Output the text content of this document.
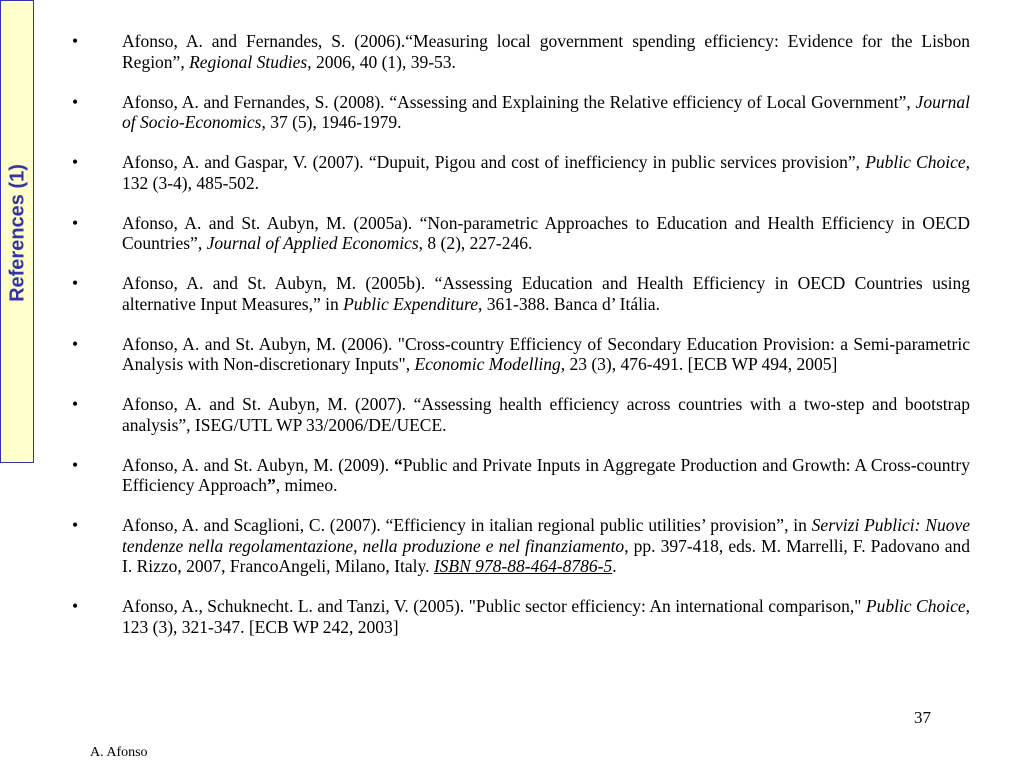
References (1)
•	Afonso, A. and Fernandes, S. (2006).“Measuring local government spending efficiency: Evidence for the Lisbon Region”, Regional Studies, 2006, 40 (1), 39-53.
•	Afonso, A. and Fernandes, S. (2008). “Assessing and Explaining the Relative efficiency of Local Government”, Journal of Socio-Economics, 37 (5), 1946-1979.
•	Afonso, A. and Gaspar, V. (2007). “Dupuit, Pigou and cost of inefficiency in public services provision”, Public Choice, 132 (3-4), 485-502.
•	Afonso, A. and St. Aubyn, M. (2005a). “Non-parametric Approaches to Education and Health Efficiency in OECD Countries”, Journal of Applied Economics, 8 (2), 227-246.
•	Afonso, A. and St. Aubyn, M. (2005b). “Assessing Education and Health Efficiency in OECD Countries using alternative Input Measures,” in Public Expenditure, 361-388. Banca d’ Itália.
•	Afonso, A. and St. Aubyn, M. (2006). "Cross-country Efficiency of Secondary Education Provision: a Semi-parametric Analysis with Non-discretionary Inputs", Economic Modelling, 23 (3), 476-491. [ECB WP 494, 2005]
•	Afonso, A. and St. Aubyn, M. (2007). “Assessing health efficiency across countries with a two-step and bootstrap analysis”, ISEG/UTL WP 33/2006/DE/UECE.
•	Afonso, A. and St. Aubyn, M. (2009). “Public and Private Inputs in Aggregate Production and Growth: A Cross-country Efficiency Approach”, mimeo.
•	Afonso, A. and Scaglioni, C. (2007). “Efficiency in italian regional public utilities’ provision”, in Servizi Publici: Nuove tendenze nella regolamentazione, nella produzione e nel finanziamento, pp. 397-418, eds. M. Marrelli, F. Padovano and I. Rizzo, 2007, FrancoAngeli, Milano, Italy. ISBN 978-88-464-8786-5.
•	Afonso, A., Schuknecht. L. and Tanzi, V. (2005). "Public sector efficiency: An international comparison," Public Choice, 123 (3), 321-347. [ECB WP 242, 2003]
37
A. Afonso
